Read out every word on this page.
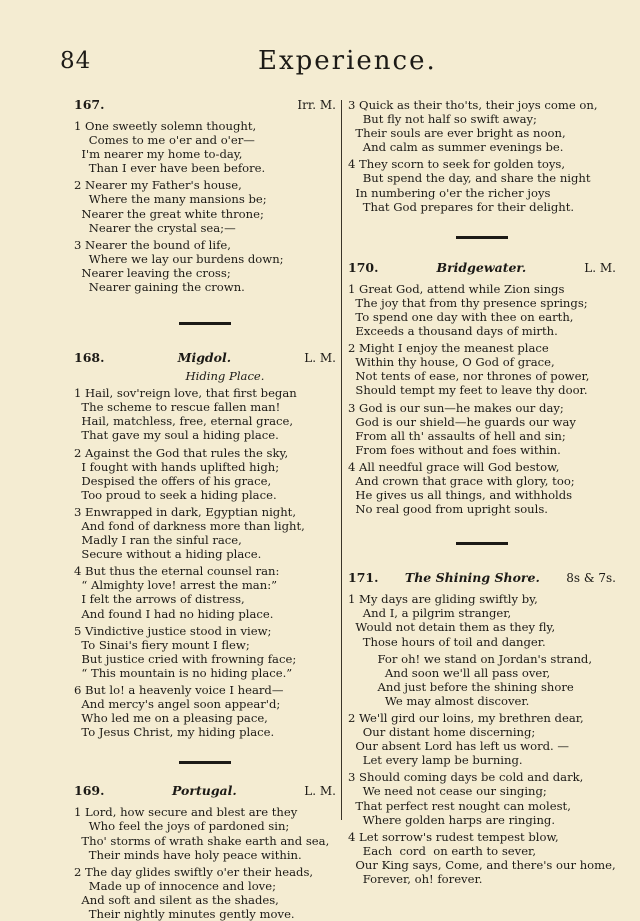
84	Experience.
167.	Irr. M.
1 One sweetly solemn thought,
Comes to me o'er and o'er—
I'm nearer my home to-day,
Than I ever have been before.
2 Nearer my Father's house,
Where the many mansions be;
Nearer the great white throne;
Nearer the crystal sea;—
3 Nearer the bound of life,
Where we lay our burdens down;
Nearer leaving the cross;
Nearer gaining the crown.
168.	Migdol.	L. M.
Hiding Place.
1 Hail, sov'reign love, that first began
The scheme to rescue fallen man!
Hail, matchless, free, eternal grace,
That gave my soul a hiding place.
2 Against the God that rules the sky,
I fought with hands uplifted high;
Despised the offers of his grace,
Too proud to seek a hiding place.
3 Enwrapped in dark, Egyptian night,
And fond of darkness more than light,
Madly I ran the sinful race,
Secure without a hiding place.
4 But thus the eternal counsel ran:
“ Almighty love! arrest the man:”
I felt the arrows of distress,
And found I had no hiding place.
5 Vindictive justice stood in view;
To Sinai's fiery mount I flew;
But justice cried with frowning face;
“ This mountain is no hiding place.”
6 But lo! a heavenly voice I heard—
And mercy's angel soon appear'd;
Who led me on a pleasing pace,
To Jesus Christ, my hiding place.
169.	Portugal.	L. M.
1 Lord, how secure and blest are they
Who feel the joys of pardoned sin;
Tho' storms of wrath shake earth and sea,
Their minds have holy peace within.
2 The day glides swiftly o'er their heads,
Made up of innocence and love;
And soft and silent as the shades,
Their nightly minutes gently move.
3 Quick as their tho'ts, their joys come on,
But fly not half so swift away;
Their souls are ever bright as noon,
And calm as summer evenings be.
4 They scorn to seek for golden toys,
But spend the day, and share the night
In numbering o'er the richer joys
That God prepares for their delight.
170.	Bridgewater.	L. M.
1 Great God, attend while Zion sings
The joy that from thy presence springs;
To spend one day with thee on earth,
Exceeds a thousand days of mirth.
2 Might I enjoy the meanest place
Within thy house, O God of grace,
Not tents of ease, nor thrones of power,
Should tempt my feet to leave thy door.
3 God is our sun—he makes our day;
God is our shield—he guards our way
From all th' assaults of hell and sin;
From foes without and foes within.
4 All needful grace will God bestow,
And crown that grace with glory, too;
He gives us all things, and withholds
No real good from upright souls.
171. The Shining Shore. 8s & 7s.
1 My days are gliding swiftly by,
And I, a pilgrim stranger,
Would not detain them as they fly,
Those hours of toil and danger.
For oh! we stand on Jordan's strand,
And soon we'll all pass over,
And just before the shining shore
We may almost discover.
2 We'll gird our loins, my brethren dear,
Our distant home discerning;
Our absent Lord has left us word. —
Let every lamp be burning.
3 Should coming days be cold and dark,
We need not cease our singing;
That perfect rest nought can molest,
Where golden harps are ringing.
4 Let sorrow's rudest tempest blow,
Each  cord  on earth to sever,
Our King says, Come, and there's our home,
Forever, oh! forever.
